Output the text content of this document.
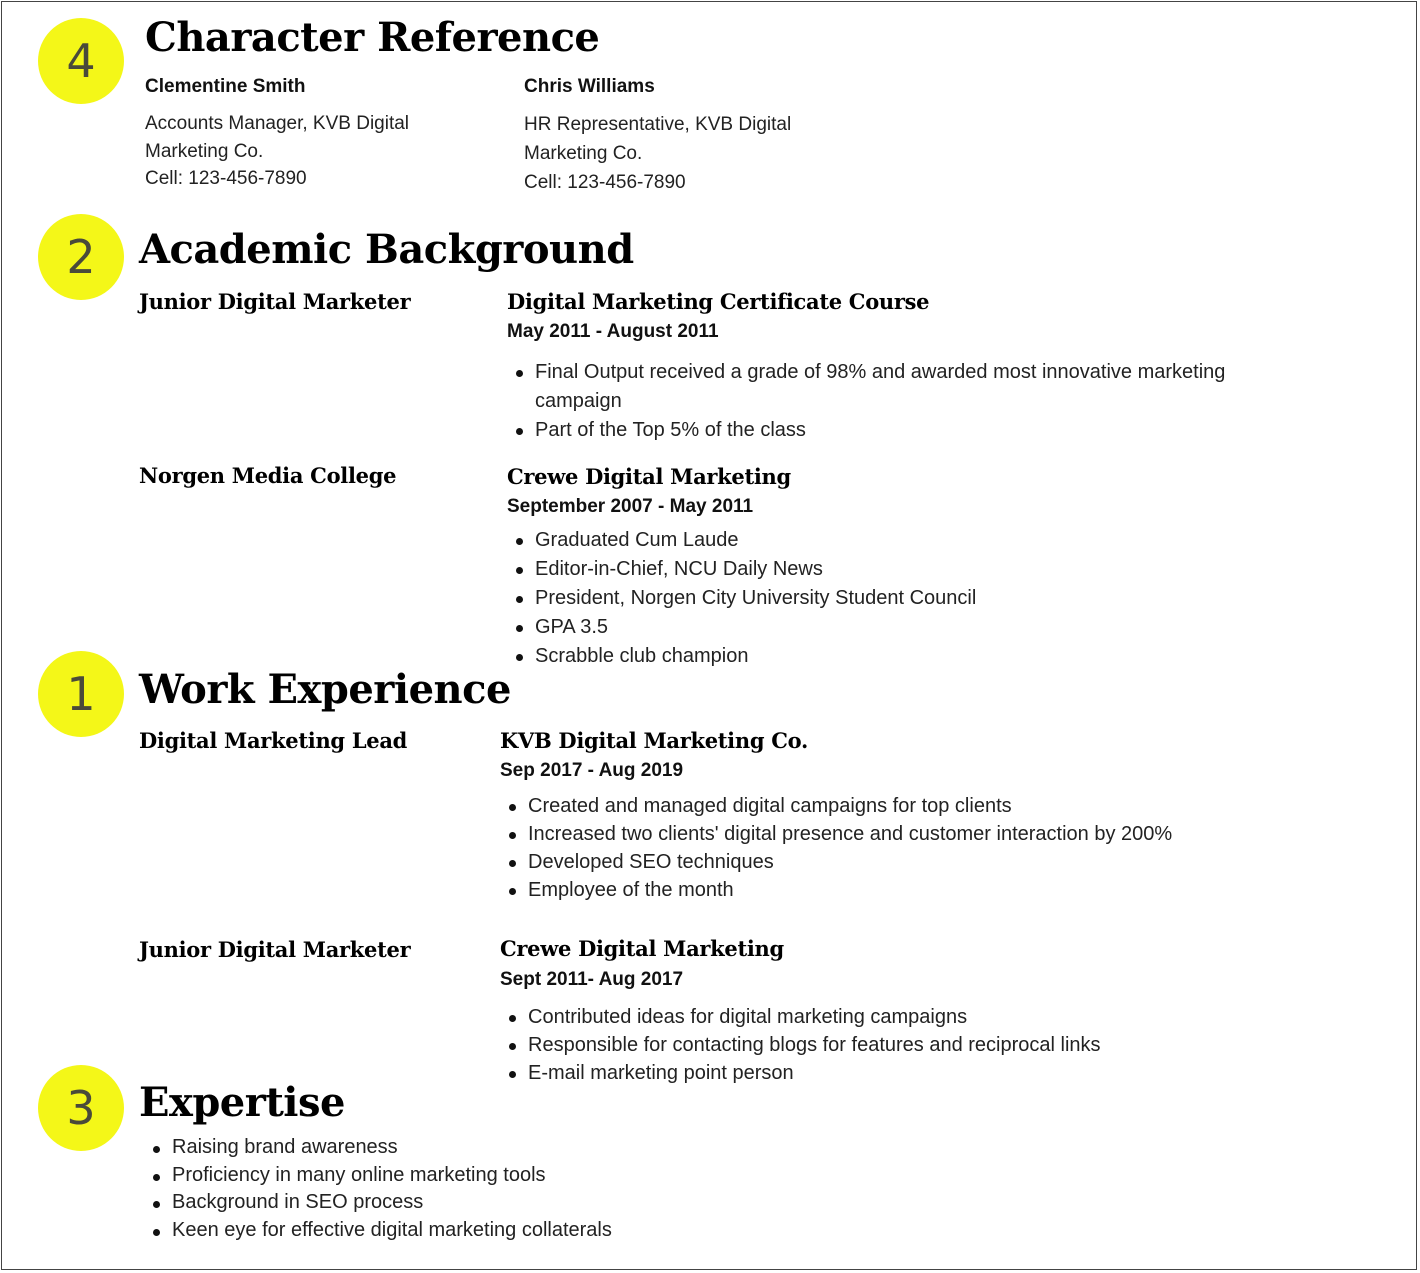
4	Character Reference

Clementine Smith

Accounts Manager, KVB Digital
Marketing Co.
Cell: 123-456-7890

Chris Williams

HR Representative, KVB Digital
Marketing Co.
Cell: 123-456-7890
2	Academic Background

Junior Digital Marketer	Digital Marketing Certificate Course

May 2011 - August 2011

Final Output received a grade of 98% and awarded most innovative marketing campaign
Part of the Top 5% of the class

Norgen Media College	Crewe Digital Marketing

September 2007 - May 2011

Graduated Cum Laude
Editor-in-Chief, NCU Daily News
President, Norgen City University Student Council
GPA 3.5
Scrabble club champion
1	Work Experience

Digital Marketing Lead	KVB Digital Marketing Co.

Sep 2017 - Aug 2019

Created and managed digital campaigns for top clients
Increased two clients' digital presence and customer interaction by 200%
Developed SEO techniques
Employee of the month

Junior Digital Marketer	Crewe Digital Marketing

Sept 2011- Aug 2017

Contributed ideas for digital marketing campaigns
Responsible for contacting blogs for features and reciprocal links
E-mail marketing point person
3	Expertise
Raising brand awareness
Proficiency in many online marketing tools
Background in SEO process
Keen eye for effective digital marketing collaterals
